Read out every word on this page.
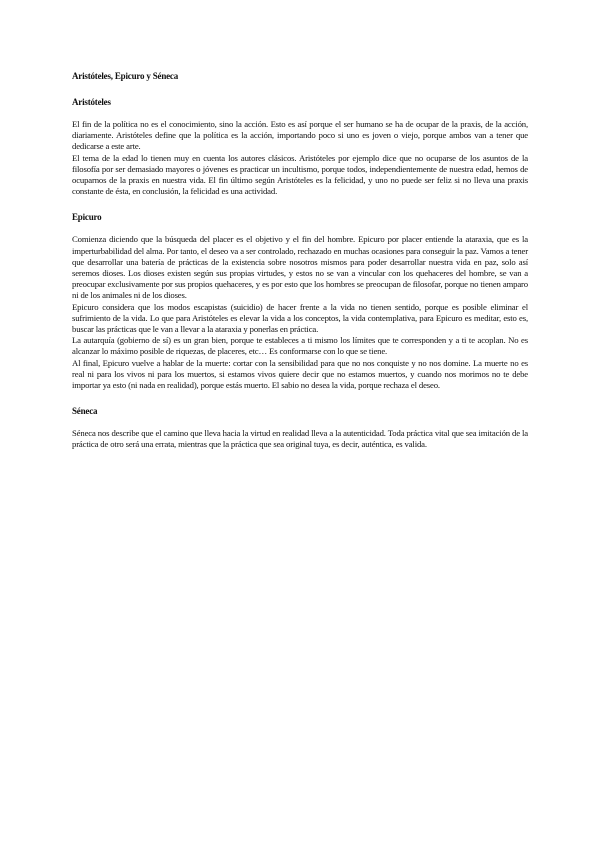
Aristóteles, Epicuro y Séneca
Aristóteles

El fin de la política no es el conocimiento, sino la acción. Esto es así porque el ser humano se ha de ocupar de la praxis, de la acción, diariamente. Aristóteles define que la política es la acción, importando poco si uno es joven o viejo, porque ambos van a tener que dedicarse a este arte.

El tema de la edad lo tienen muy en cuenta los autores clásicos. Aristóteles por ejemplo dice que no ocuparse de los asuntos de la filosofía por ser demasiado mayores o jóvenes es practicar un incultismo, porque todos, independientemente de nuestra edad, hemos de ocuparnos de la praxis en nuestra vida. El fin último según Aristóteles es la felicidad, y uno no puede ser feliz si no lleva una praxis constante de ésta, en conclusión, la felicidad es una actividad.

Epicuro

Comienza diciendo que la búsqueda del placer es el objetivo y el fin del hombre. Epicuro por placer entiende la ataraxia, que es la imperturbabilidad del alma. Por tanto, el deseo va a ser controlado, rechazado en muchas ocasiones para conseguir la paz. Vamos a tener que desarrollar una batería de prácticas de la existencia sobre nosotros mismos para poder desarrollar nuestra vida en paz, solo así seremos dioses. Los dioses existen según sus propias virtudes, y estos no se van a vincular con los quehaceres del hombre, se van a preocupar exclusivamente por sus propios quehaceres, y es por esto que los hombres se preocupan de filosofar, porque no tienen amparo ni de los animales ni de los dioses.

Epicuro considera que los modos escapistas (suicidio) de hacer frente a la vida no tienen sentido, porque es posible eliminar el sufrimiento de la vida. Lo que para Aristóteles es elevar la vida a los conceptos, la vida contemplativa, para Epicuro es meditar, esto es, buscar las prácticas que le van a llevar a la ataraxia y ponerlas en práctica.

La autarquía (gobierno de sí) es un gran bien, porque te estableces a ti mismo los límites que te corresponden y a ti te acoplan. No es alcanzar lo máximo posible de riquezas, de placeres, etc… Es conformarse con lo que se tiene.

Al final, Epicuro vuelve a hablar de la muerte: cortar con la sensibilidad para que no nos conquiste y no nos domine. La muerte no es real ni para los vivos ni para los muertos, si estamos vivos quiere decir que no estamos muertos, y cuando nos morimos no te debe importar ya esto (ni nada en realidad), porque estás muerto. El sabio no desea la vida, porque rechaza el deseo.

Séneca

Séneca nos describe que el camino que lleva hacia la virtud en realidad lleva a la autenticidad. Toda práctica vital que sea imitación de la práctica de otro será una errata, mientras que la práctica que sea original tuya, es decir, auténtica, es valida.
